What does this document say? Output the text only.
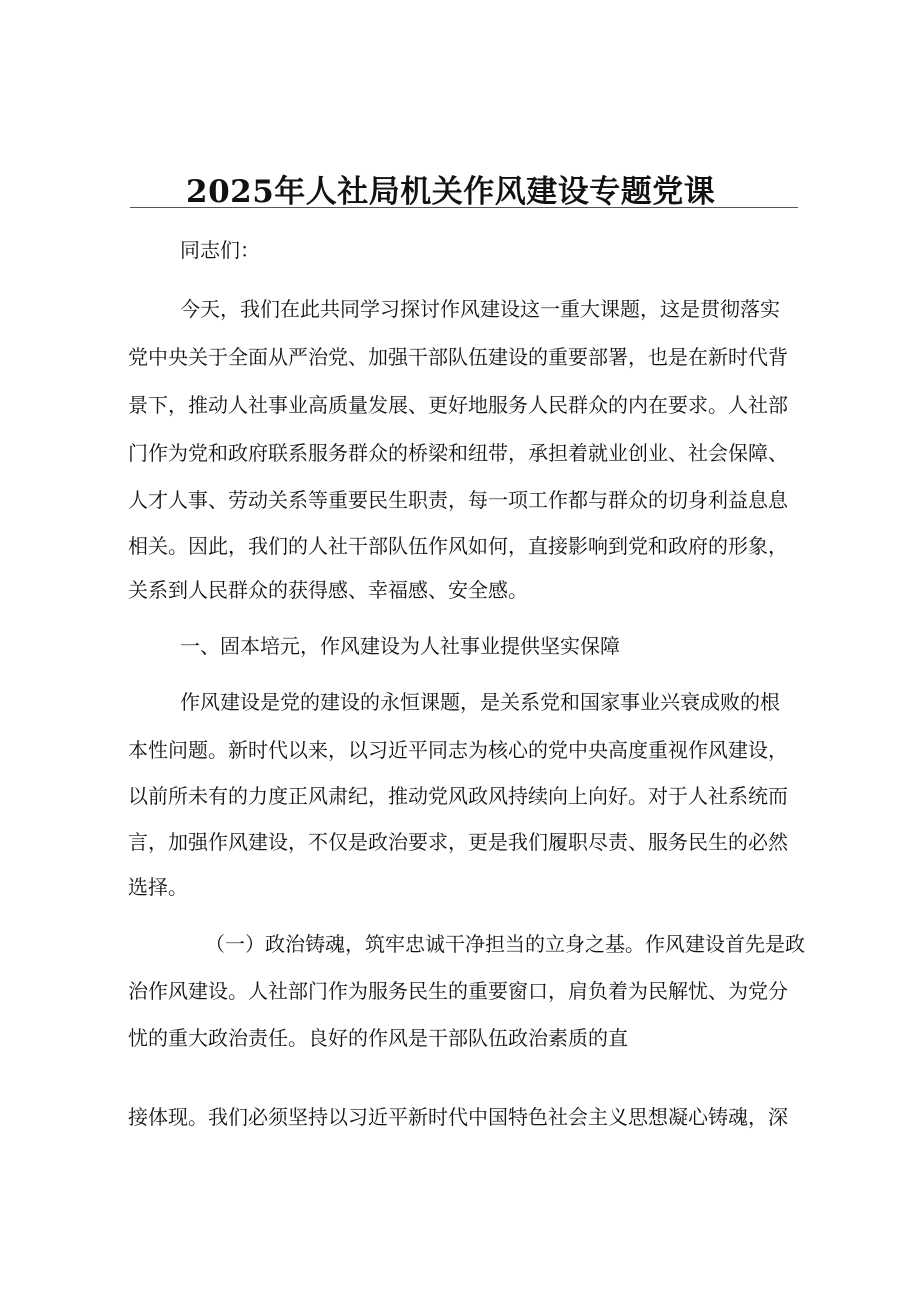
2025年人社局机关作风建设专题党课

同志们：

今天，我们在此共同学习探讨作风建设这一重大课题，这是贯彻落实

党中央关于全面从严治党、加强干部队伍建设的重要部署，也是在新时代背

景下，推动人社事业高质量发展、更好地服务人民群众的内在要求。人社部

门作为党和政府联系服务群众的桥梁和纽带，承担着就业创业、社会保障、

人才人事、劳动关系等重要民生职责，每一项工作都与群众的切身利益息息

相关。因此，我们的人社干部队伍作风如何，直接影响到党和政府的形象，

关系到人民群众的获得感、幸福感、安全感。

一、固本培元，作风建设为人社事业提供坚实保障

作风建设是党的建设的永恒课题，是关系党和国家事业兴衰成败的根

本性问题。新时代以来，以习近平同志为核心的党中央高度重视作风建设，

以前所未有的力度正风肃纪，推动党风政风持续向上向好。对于人社系统而

言，加强作风建设，不仅是政治要求，更是我们履职尽责、服务民生的必然

选择。

（一）政治铸魂，筑牢忠诚干净担当的立身之基。作风建设首先是政

治作风建设。人社部门作为服务民生的重要窗口，肩负着为民解忧、为党分

忧的重大政治责任。良好的作风是干部队伍政治素质的直

接体现。我们必须坚持以习近平新时代中国特色社会主义思想凝心铸魂，深
